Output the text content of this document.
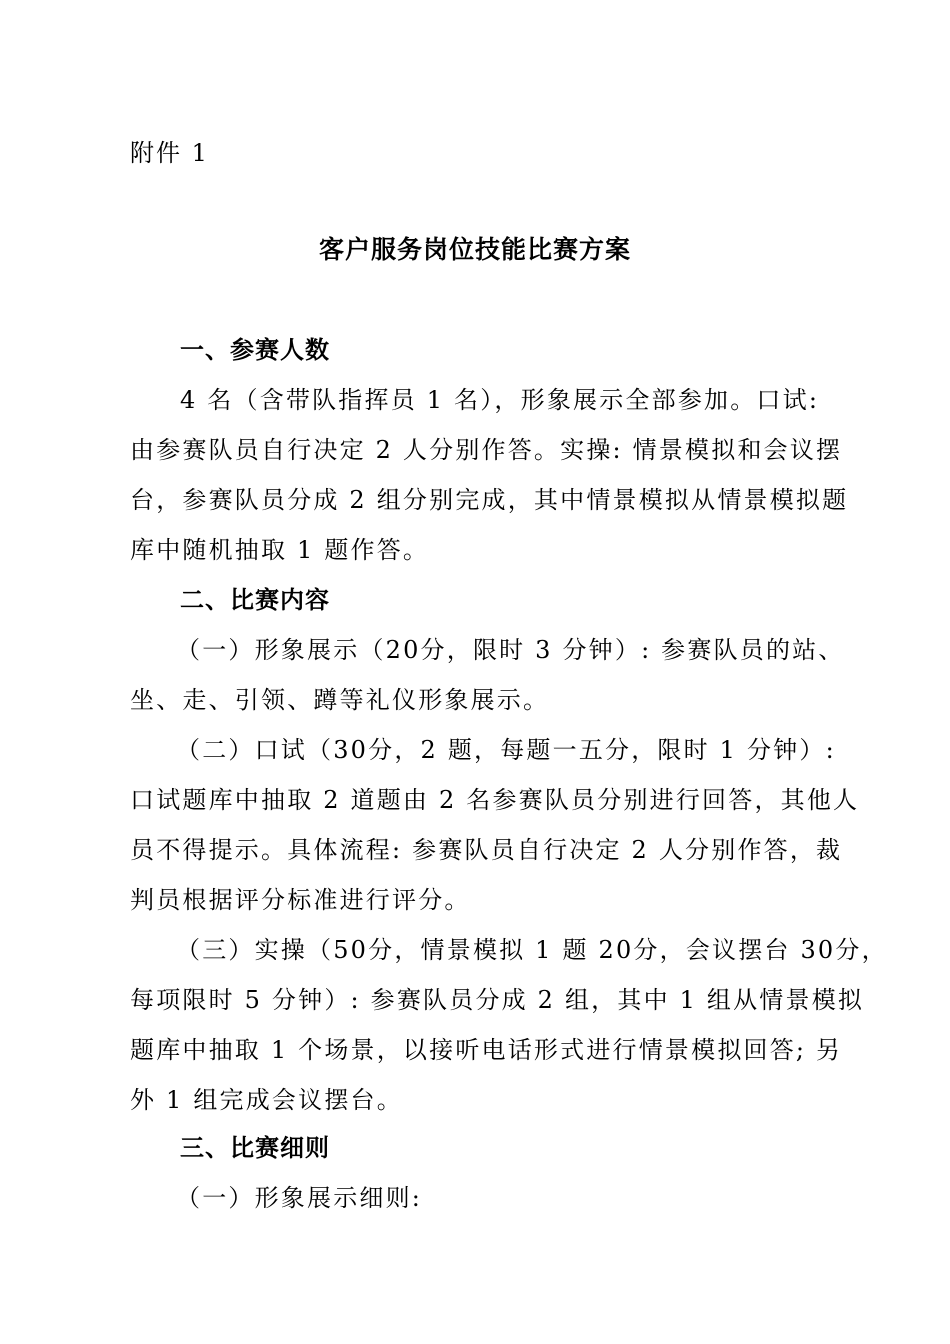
附件 1
客户服务岗位技能比赛方案
一、参赛人数
4 名（含带队指挥员 1 名），形象展示全部参加。口试:
由参赛队员自行决定 2 人分别作答。实操: 情景模拟和会议摆
台，参赛队员分成 2 组分别完成，其中情景模拟从情景模拟题
库中随机抽取 1 题作答。
二、比赛内容
（一）形象展示（20分，限时 3 分钟）: 参赛队员的站、
坐、走、引领、蹲等礼仪形象展示。
（二）口试（30分，2 题，每题一五分，限时 1 分钟）:
口试题库中抽取 2 道题由 2 名参赛队员分别进行回答，其他人
员不得提示。具体流程: 参赛队员自行决定 2 人分别作答，裁
判员根据评分标准进行评分。
（三）实操（50分，情景模拟 1 题 20分，会议摆台 30分，
每项限时 5 分钟）: 参赛队员分成 2 组，其中 1 组从情景模拟
题库中抽取 1 个场景，以接听电话形式进行情景模拟回答; 另
外 1 组完成会议摆台。
三、比赛细则
（一）形象展示细则:
